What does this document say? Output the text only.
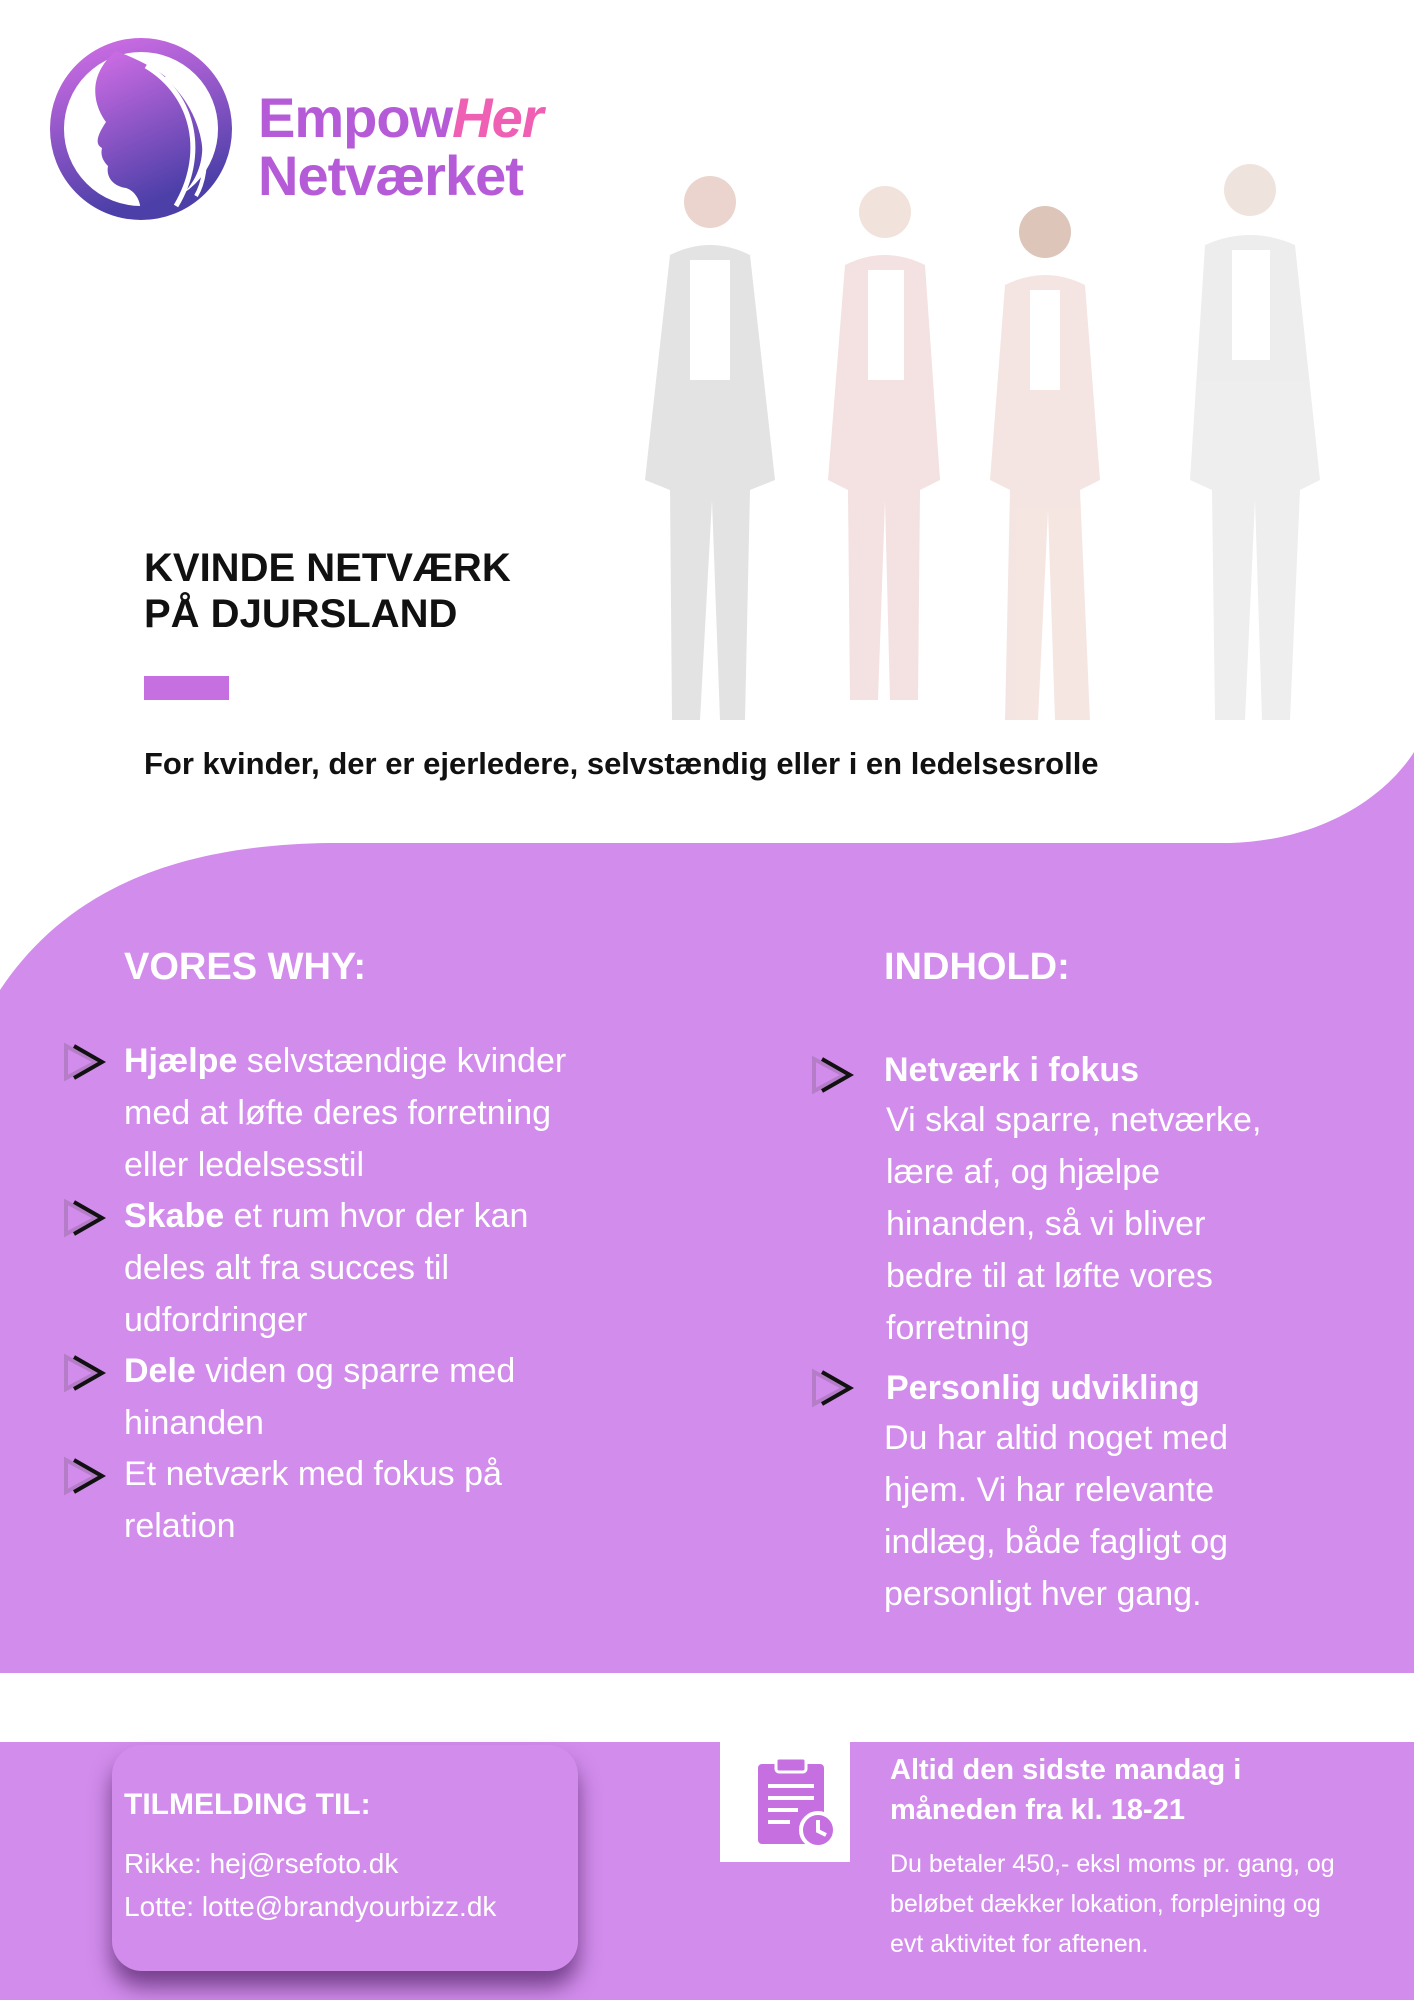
EmpowHer
Netværket
KVINDE NETVÆRK
PÅ DJURSLAND
For kvinder, der er ejerledere, selvstændig eller i en ledelsesrolle
VORES WHY:
Hjælpe selvstændige kvinder
med at løfte deres forretning
eller ledelsesstil
Skabe et rum hvor der kan
deles alt fra succes til
udfordringer
Dele viden og sparre med
hinanden
Et netværk med fokus på
relation
INDHOLD:
Netværk i fokus
Vi skal sparre, netværke,
lære af, og hjælpe
hinanden, så vi bliver
bedre til at løfte vores
forretning
Personlig udvikling
Du har altid noget med
hjem. Vi har relevante
indlæg, både fagligt og
personligt hver gang.
TILMELDING TIL:
Rikke: hej@rsefoto.dk
Lotte: lotte@brandyourbizz.dk
Altid den sidste mandag i
måneden fra kl. 18-21
Du betaler 450,- eksl moms pr. gang, og
beløbet dækker lokation, forplejning og
evt aktivitet for aftenen.
